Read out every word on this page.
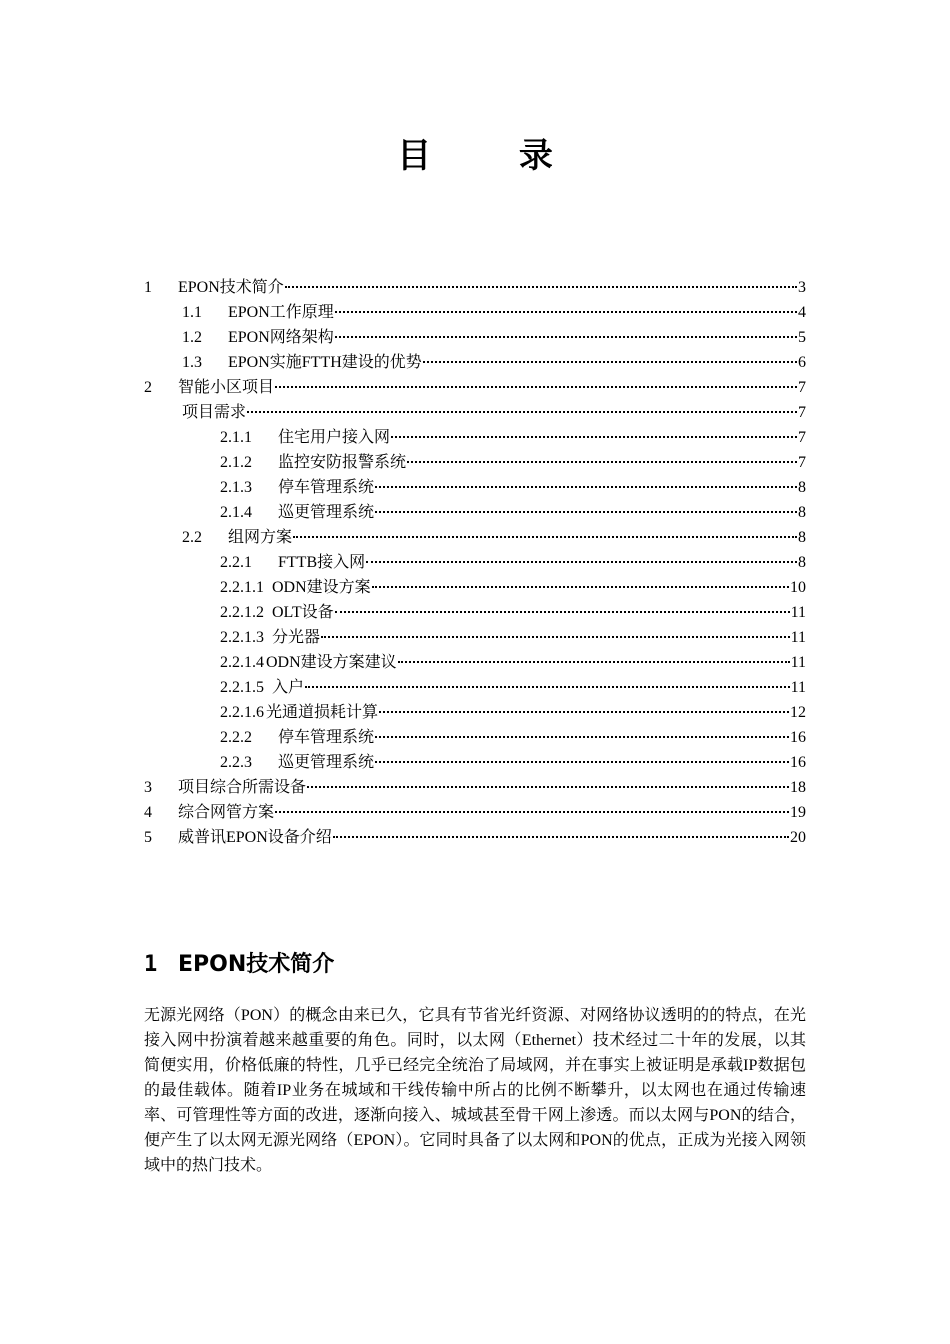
目 录
1	EPON技术简介	3
1.1	EPON工作原理	4
1.2	EPON网络架构	5
1.3	EPON实施FTTH建设的优势	6
2	智能小区项目	7
项目需求	7
2.1.1	住宅用户接入网	7
2.1.2	监控安防报警系统	7
2.1.3	停车管理系统	8
2.1.4	巡更管理系统	8
2.2	组网方案	8
2.2.1	FTTB接入网	8
2.2.1.1 ODN建设方案	10
2.2.1.2 OLT设备	11
2.2.1.3 分光器	11
2.2.1.4 ODN建设方案建议	11
2.2.1.5 入户	11
2.2.1.6 光通道损耗计算	12
2.2.2	停车管理系统	16
2.2.3	巡更管理系统	16
3	项目综合所需设备	18
4	综合网管方案	19
5	威普讯EPON设备介绍	20
1 EPON技术简介
无源光网络（PON）的概念由来已久，它具有节省光纤资源、对网络协议透明的的特点，在光接入网中扮演着越来越重要的角色。同时，以太网（Ethernet）技术经过二十年的发展，以其简便实用，价格低廉的特性，几乎已经完全统治了局域网，并在事实上被证明是承载IP数据包的最佳载体。随着IP业务在城域和干线传输中所占的比例不断攀升，以太网也在通过传输速率、可管理性等方面的改进，逐渐向接入、城域甚至骨干网上渗透。而以太网与PON的结合，便产生了以太网无源光网络（EPON）。它同时具备了以太网和PON的优点，正成为光接入网领域中的热门技术。
